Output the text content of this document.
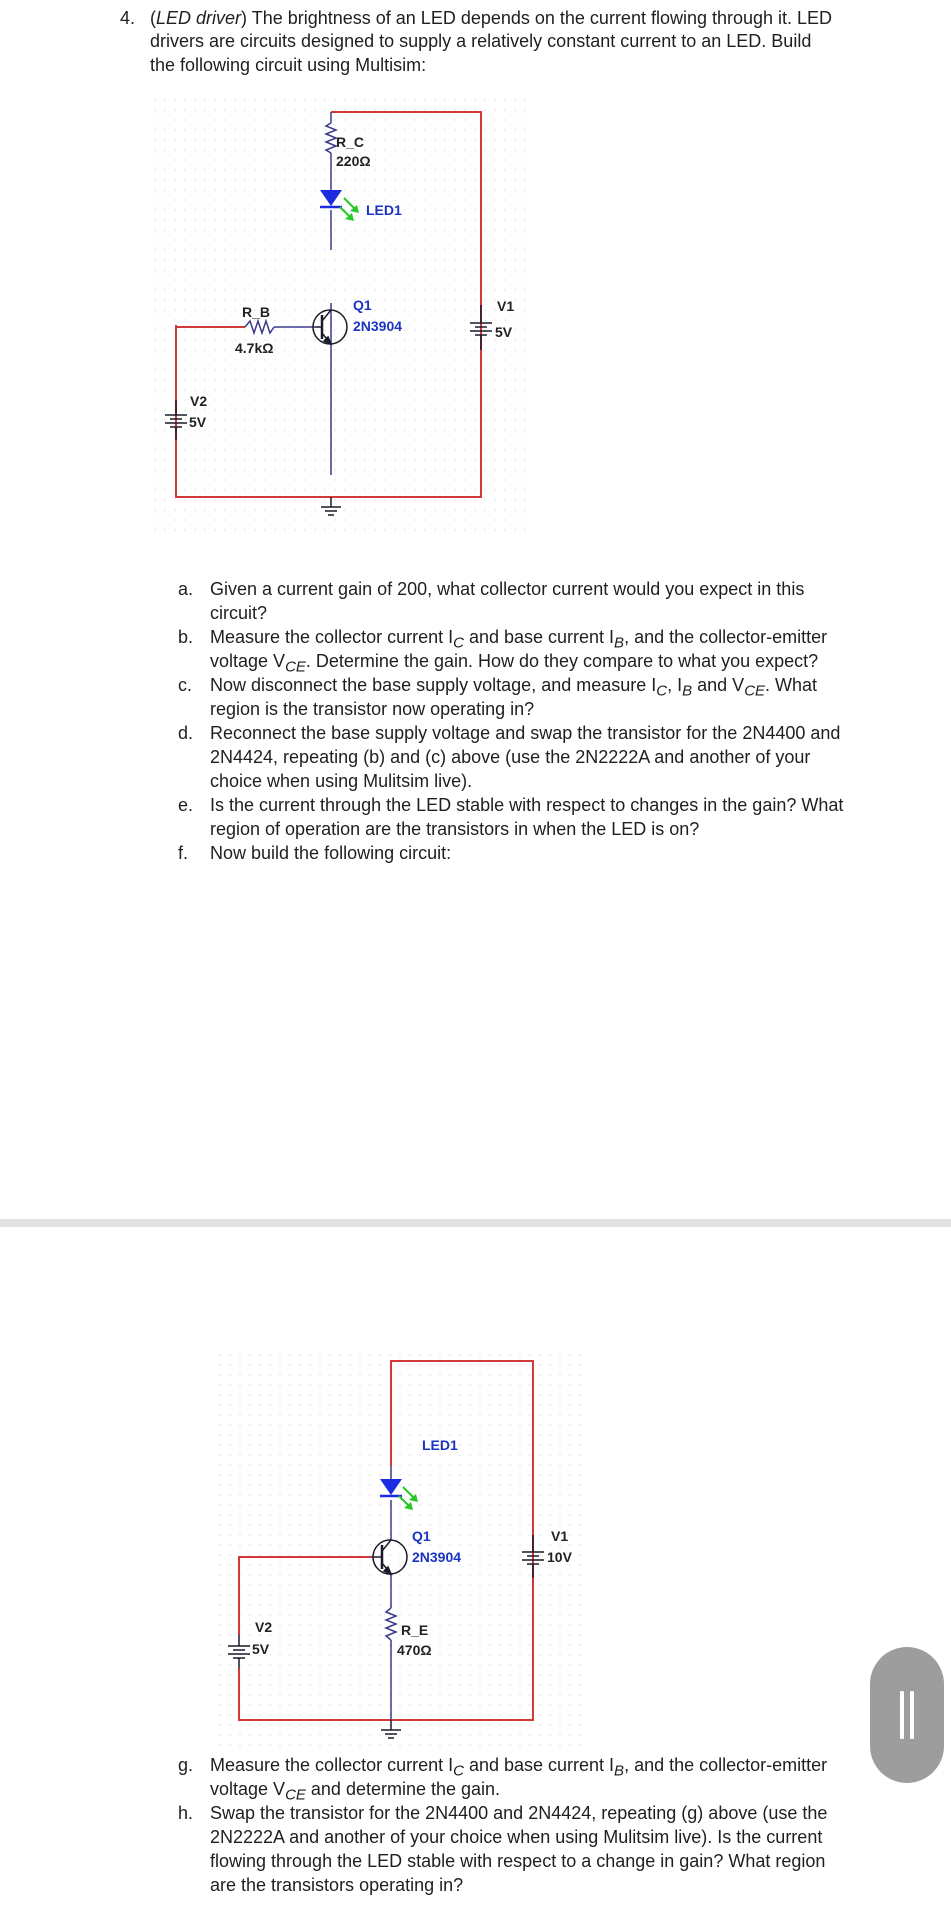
4. (LED driver) The brightness of an LED depends on the current flowing through it. LED
drivers are circuits designed to supply a relatively constant current to an LED. Build
the following circuit using Multisim:
R_C
220Ω
LED1
Q1
2N3904
R_B
4.7kΩ
V1
5V
V2
5V
a. Given a current gain of 200, what collector current would you expect in this
circuit?
b. Measure the collector current $I_C$ and base current $I_B$, and the collector-emitter
voltage $V_{CE}$. Determine the gain. How do they compare to what you expect?
c. Now disconnect the base supply voltage, and measure $I_C$, $I_B$ and $V_{CE}$. What
region is the transistor now operating in?
d. Reconnect the base supply voltage and swap the transistor for the 2N4400 and
2N4424, repeating (b) and (c) above (use the 2N2222A and another of your
choice when using Mulitsim live).
e. Is the current through the LED stable with respect to changes in the gain? What
region of operation are the transistors in when the LED is on?
f. Now build the following circuit:
LED1
Q1
2N3904
V1
10V
V2
5V
R_E
470Ω
g. Measure the collector current $I_C$ and base current $I_B$, and the collector-emitter
voltage $V_{CE}$ and determine the gain.
h. Swap the transistor for the 2N4400 and 2N4424, repeating (g) above (use the
2N2222A and another of your choice when using Mulitsim live). Is the current
flowing through the LED stable with respect to a change in gain? What region
are the transistors operating in?
